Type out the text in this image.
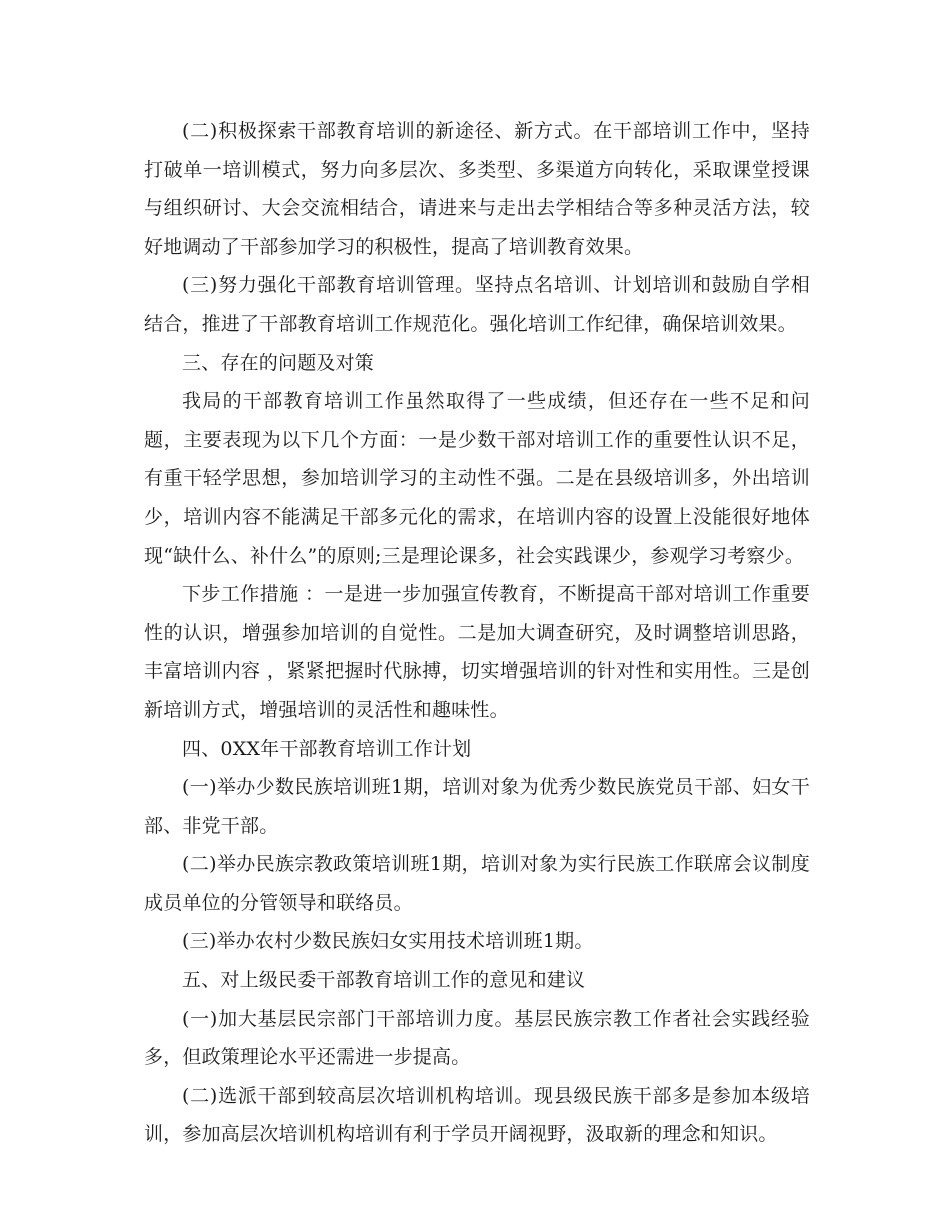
(二)积极探索干部教育培训的新途径、新方式。在干部培训工作中，坚持打破单一培训模式，努力向多层次、多类型、多渠道方向转化，采取课堂授课与组织研讨、大会交流相结合，请进来与走出去学相结合等多种灵活方法，较好地调动了干部参加学习的积极性，提高了培训教育效果。

(三)努力强化干部教育培训管理。坚持点名培训、计划培训和鼓励自学相结合，推进了干部教育培训工作规范化。强化培训工作纪律，确保培训效果。

三、存在的问题及对策

我局的干部教育培训工作虽然取得了一些成绩，但还存在一些不足和问题，主要表现为以下几个方面：一是少数干部对培训工作的重要性认识不足，有重干轻学思想，参加培训学习的主动性不强。二是在县级培训多，外出培训少，培训内容不能满足干部多元化的需求，在培训内容的设置上没能很好地体现“缺什么、补什么”的原则;三是理论课多，社会实践课少，参观学习考察少。

下步工作措施 ：一是进一步加强宣传教育，不断提高干部对培训工作重要性的认识，增强参加培训的自觉性。二是加大调查研究，及时调整培训思路，丰富培训内容 ，紧紧把握时代脉搏，切实增强培训的针对性和实用性。三是创新培训方式，增强培训的灵活性和趣味性。

四、0XX年干部教育培训工作计划

(一)举办少数民族培训班1期，培训对象为优秀少数民族党员干部、妇女干部、非党干部。

(二)举办民族宗教政策培训班1期，培训对象为实行民族工作联席会议制度成员单位的分管领导和联络员。

(三)举办农村少数民族妇女实用技术培训班1期。

五、对上级民委干部教育培训工作的意见和建议

(一)加大基层民宗部门干部培训力度。基层民族宗教工作者社会实践经验多，但政策理论水平还需进一步提高。

(二)选派干部到较高层次培训机构培训。现县级民族干部多是参加本级培训，参加高层次培训机构培训有利于学员开阔视野，汲取新的理念和知识。
